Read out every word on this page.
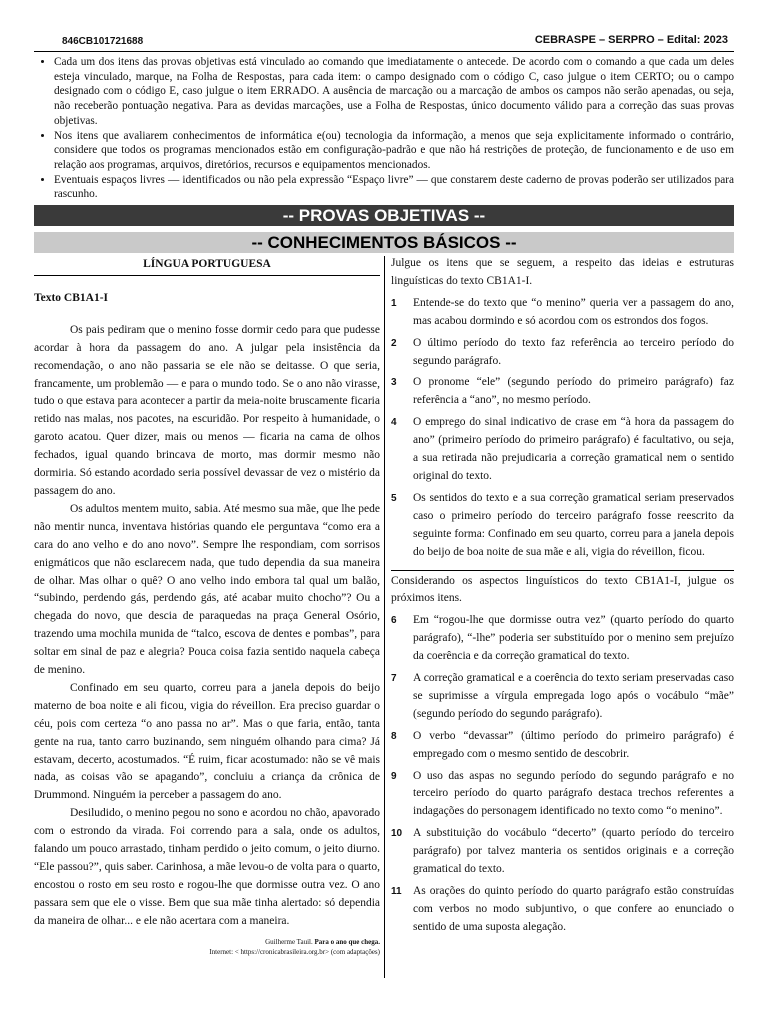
846CB101721688	CEBRASPE – SERPRO – Edital: 2023
• Cada um dos itens das provas objetivas está vinculado ao comando que imediatamente o antecede. De acordo com o comando a que cada um deles esteja vinculado, marque, na Folha de Respostas, para cada item: o campo designado com o código C, caso julgue o item CERTO; ou o campo designado com o código E, caso julgue o item ERRADO. A ausência de marcação ou a marcação de ambos os campos não serão apenadas, ou seja, não receberão pontuação negativa. Para as devidas marcações, use a Folha de Respostas, único documento válido para a correção das suas provas objetivas.
• Nos itens que avaliarem conhecimentos de informática e(ou) tecnologia da informação, a menos que seja explicitamente informado o contrário, considere que todos os programas mencionados estão em configuração-padrão e que não há restrições de proteção, de funcionamento e de uso em relação aos programas, arquivos, diretórios, recursos e equipamentos mencionados.
• Eventuais espaços livres — identificados ou não pela expressão “Espaço livre” — que constarem deste caderno de provas poderão ser utilizados para rascunho.
-- PROVAS OBJETIVAS --
-- CONHECIMENTOS BÁSICOS --
LÍNGUA PORTUGUESA
Texto CB1A1-I

Os pais pediram que o menino fosse dormir cedo para que pudesse acordar à hora da passagem do ano. A julgar pela insistência da recomendação, o ano não passaria se ele não se deitasse. O que seria, francamente, um problemão — e para o mundo todo. Se o ano não virasse, tudo o que estava para acontecer a partir da meia-noite bruscamente ficaria retido nas malas, nos pacotes, na escuridão. Por respeito à humanidade, o garoto acatou. Quer dizer, mais ou menos — ficaria na cama de olhos fechados, igual quando brincava de morto, mas dormir mesmo não dormiria. Só estando acordado seria possível devassar de vez o mistério da passagem do ano.

Os adultos mentem muito, sabia. Até mesmo sua mãe, que lhe pede não mentir nunca, inventava histórias quando ele perguntava “como era a cara do ano velho e do ano novo”. Sempre lhe respondiam, com sorrisos enigmáticos que não esclarecem nada, que tudo dependia da sua maneira de olhar. Mas olhar o quê? O ano velho indo embora tal qual um balão, “subindo, perdendo gás, perdendo gás, até acabar muito chocho”? Ou a chegada do novo, que descia de paraquedas na praça General Osório, trazendo uma mochila munida de “talco, escova de dentes e pombas”, para soltar em sinal de paz e alegria? Pouca coisa fazia sentido naquela cabeça de menino.

Confinado em seu quarto, correu para a janela depois do beijo materno de boa noite e ali ficou, vigia do réveillon. Era preciso guardar o céu, pois com certeza “o ano passa no ar”. Mas o que faria, então, tanta gente na rua, tanto carro buzinando, sem ninguém olhando para cima? Já estavam, decerto, acostumados. “É ruim, ficar acostumado: não se vê mais nada, as coisas vão se apagando”, concluiu a criança da crônica de Drummond. Ninguém ia perceber a passagem do ano.

Desiludido, o menino pegou no sono e acordou no chão, apavorado com o estrondo da virada. Foi correndo para a sala, onde os adultos, falando um pouco arrastado, tinham perdido o jeito comum, o jeito diurno. “Ele passou?”, quis saber. Carinhosa, a mãe levou-o de volta para o quarto, encostou o rosto em seu rosto e rogou-lhe que dormisse outra vez. O ano passara sem que ele o visse. Bem que sua mãe tinha alertado: só dependia da maneira de olhar... e ele não acertara com a maneira.

Guilherme Tauil. Para o ano que chega.
Internet: < https://cronicabrasileira.org.br> (com adaptações)

Julgue os itens que se seguem, a respeito das ideias e estruturas linguísticas do texto CB1A1-I.

1	Entende-se do texto que “o menino” queria ver a passagem do ano, mas acabou dormindo e só acordou com os estrondos dos fogos.
2	O último período do texto faz referência ao terceiro período do segundo parágrafo.
3	O pronome “ele” (segundo período do primeiro parágrafo) faz referência a “ano”, no mesmo período.
4	O emprego do sinal indicativo de crase em “à hora da passagem do ano” (primeiro período do primeiro parágrafo) é facultativo, ou seja, a sua retirada não prejudicaria a correção gramatical nem o sentido original do texto.
5	Os sentidos do texto e a sua correção gramatical seriam preservados caso o primeiro período do terceiro parágrafo fosse reescrito da seguinte forma: Confinado em seu quarto, correu para a janela depois do beijo de boa noite de sua mãe e ali, vigia do réveillon, ficou.

Considerando os aspectos linguísticos do texto CB1A1-I, julgue os próximos itens.

6	Em “rogou-lhe que dormisse outra vez” (quarto período do quarto parágrafo), “-lhe” poderia ser substituído por o menino sem prejuízo da coerência e da correção gramatical do texto.
7	A correção gramatical e a coerência do texto seriam preservadas caso se suprimisse a vírgula empregada logo após o vocábulo “mãe” (segundo período do segundo parágrafo).
8	O verbo “devassar” (último período do primeiro parágrafo) é empregado com o mesmo sentido de descobrir.
9	O uso das aspas no segundo período do segundo parágrafo e no terceiro período do quarto parágrafo destaca trechos referentes a indagações do personagem identificado no texto como “o menino”.
10 A substituição do vocábulo “decerto” (quarto período do terceiro parágrafo) por talvez manteria os sentidos originais e a correção gramatical do texto.
11 As orações do quinto período do quarto parágrafo estão construídas com verbos no modo subjuntivo, o que confere ao enunciado o sentido de uma suposta alegação.
